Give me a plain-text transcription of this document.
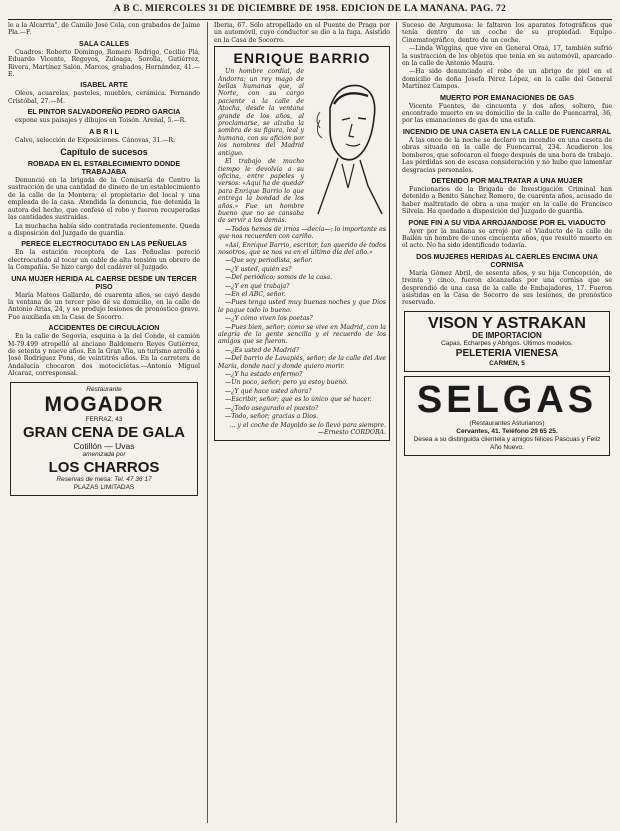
A B C. MIERCOLES 31 DE DICIEMBRE DE 1958. EDICION DE LA MAÑANA. PAG. 72

le a la Alcarria", de Camilo José Cela, con grabados de Jaime Pla.—F.

SALA CALLES

Cuadros: Roberto Domingo, Romero Rodrigo, Cecilio Plá, Eduardo Vicente, Regoyos, Zuloaga, Sorolla, Gutiérrez, Rivera, Martínez Salón. Marcos, grabados, Hernández, 41.—E.

ISABEL ARTE

Oleos, acuarelas, pasteles, muebles, cerámica. Fernando Cristóbal, 27.—M.

EL PINTOR SALVADOREÑO PEDRO GARCIA

expone sus paisajes y dibujos en Toisón. Arenal, 5.—R.

A B R I L

Calvo, selección de Exposiciones. Cánovas, 31.—R.

Capítulo de sucesos
ROBADA EN EL ESTABLECIMIENTO DONDE TRABAJABA

Denunció en la brigada de la Comisaría de Centro la sustracción de una cantidad de dinero de un establecimiento de la calle de la Montera; el propietario del local y una empleada de la casa. Atendida la denuncia, fue detenida la autora del hecho, que confesó el robo y fueron recuperadas las cantidades sustraídas.

La muchacha había sido contratada recientemente. Queda a disposición del Juzgado de guardia.

PERECE ELECTROCUTADO EN LAS PEÑUELAS

En la estación receptora de Las Peñuelas pereció electrocutado al tocar un cable de alta tensión un obrero de la Compañía. Se hizo cargo del cadáver el Juzgado.

UNA MUJER HERIDA AL CAERSE DESDE UN TERCER PISO

María Mateos Gallardo, de cuarenta años, se cayó desde la ventana de un tercer piso de su domicilio, en la calle de Antonio Arias, 24, y se produjo lesiones de pronóstico grave. Fue auxiliada en la Casa de Socorro.

ACCIDENTES DE CIRCULACION

En la calle de Segovia, esquina a la del Conde, el camión M-79.499 atropelló al anciano Baldomero Reyes Gutiérrez, de setenta y nueve años. En la Gran Vía, un turismo arrolló a José Rodríguez Pons, de veintitrés años. En la carretera de Andalucía chocaron dos motocicletas.—Antonio Miguel Alcaraz, corresponsal.

Restaurante
MOGADOR
FERRAZ, 43
GRAN CENA DE GALA
Cotillón — Uvas
amenizada por
LOS CHARROS
Reservas de mesa: Tel. 47 36 17
PLAZAS LIMITADAS

Iberia, 67. Sólo atropellado en el Puente de Praga por un automóvil, cuyo conductor se dio a la fuga. Asistido en la Casa de Socorro.

ENRIQUE BARRIO

Un hombre cordial, de Andorra; un rey mago de bellas humanas que, al Norte, con su cargo paciente a la calle de Atocha, desde la ventana grande de los años, al proclamarse, se alzaba la sombra de su figura, leal y humana, con su afición por los nombres del Madrid antiguo.

El trabajo de mucho tiempo le devolvía a su oficina, entre papeles y versos: «Aquí ha de quedar para Enrique Barrio lo que entrega la bondad de los años.» Fue un hombre bueno que no se cansaba de servir a los demás.

—Todos hemos de irnos —decía—; lo importante es que nos recuerden con cariño.

«Así, Enrique Barrio, escritor, tan querido de todos nosotros, que se nos va en el último día del año.»

—Que soy periodista, señor.

—¿Y usted, quién es?

—Del periódico; somos de la casa.

—¿Y en qué trabaja?

—En el ABC, señor.

—Pues tenga usted muy buenas noches y que Dios le pague todo lo bueno.

—¿Y cómo viven los poetas?

—Pues bien, señor; como se vive en Madrid, con la alegría de la gente sencilla y el recuerdo de los amigos que se fueron.

—¿Es usted de Madrid?

—Del barrio de Lavapiés, señor; de la calle del Ave María, donde nací y donde quiero morir.

—¿Y ha estado enfermo?

—Un poco, señor; pero ya estoy bueno.

—¿Y qué hace usted ahora?

—Escribir, señor; que es lo único que sé hacer.

—¿Todo asegurado el puesto?

—Todo, señor; gracias a Dios.

... y el coche de Mayoldo se lo llevó para siempre.—Ernesto CORDOBA.

Suceso de Argumosa: le faltaron los aparatos fotográficos que tenía dentro de un coche de su propiedad. Equipo Cinematográfico, dentro de un coche.

—Linda Wiggins, que vive en General Oraá, 17, también sufrió la sustracción de los objetos que tenía en su automóvil, aparcado en la calle de Antonio Maura.

—Ha sido denunciado el robo de un abrigo de piel en el domicilio de doña Josefa Pérez López, en la calle del General Martínez Campos.

MUERTO POR EMANACIONES DE GAS

Vicente Fuentes, de cincuenta y dos años, soltero, fue encontrado muerto en su domicilio de la calle de Fuencarral, 36, por las emanaciones de gas de una estufa.

INCENDIO DE UNA CASETA EN LA CALLE DE FUENCARRAL

A las once de la noche se declaró un incendio en una caseta de obras situada en la calle de Fuencarral, 234. Acudieron los bomberos, que sofocaron el fuego después de una hora de trabajo. Las pérdidas son de escasa consideración y no hubo que lamentar desgracias personales.

DETENIDO POR MALTRATAR A UNA MUJER

Funcionarios de la Brigada de Investigación Criminal han detenido a Benito Sánchez Romero, de cuarenta años, acusado de haber maltratado de obra a una mujer en la calle de Francisco Silvela. Ha quedado a disposición del Juzgado de guardia.

PONE FIN A SU VIDA ARROJANDOSE POR EL VIADUCTO

Ayer por la mañana se arrojó por el Viaducto de la calle de Bailén un hombre de unos cincuenta años, que resultó muerto en el acto. No ha sido identificado todavía.

DOS MUJERES HERIDAS AL CAERLES ENCIMA UNA CORNISA

María Gómez Abril, de sesenta años, y su hija Concepción, de treinta y cinco, fueron alcanzadas por una cornisa que se desprendió de una casa de la calle de Embajadores, 17. Fueron asistidas en la Casa de Socorro de sus lesiones, de pronóstico reservado.

VISON Y ASTRAKAN
DE IMPORTACION
Capas, Echarpes y Abrigos. Ultimos modelos.
PELETERIA VIENESA
CARMEN, 5
SELGAS
(Restaurantes Asturianos)
Cervantes, 41. Teléfono 29 65 25.
Desea a su distinguida clientela y amigos felices Pascuas y Feliz Año Nuevo.
